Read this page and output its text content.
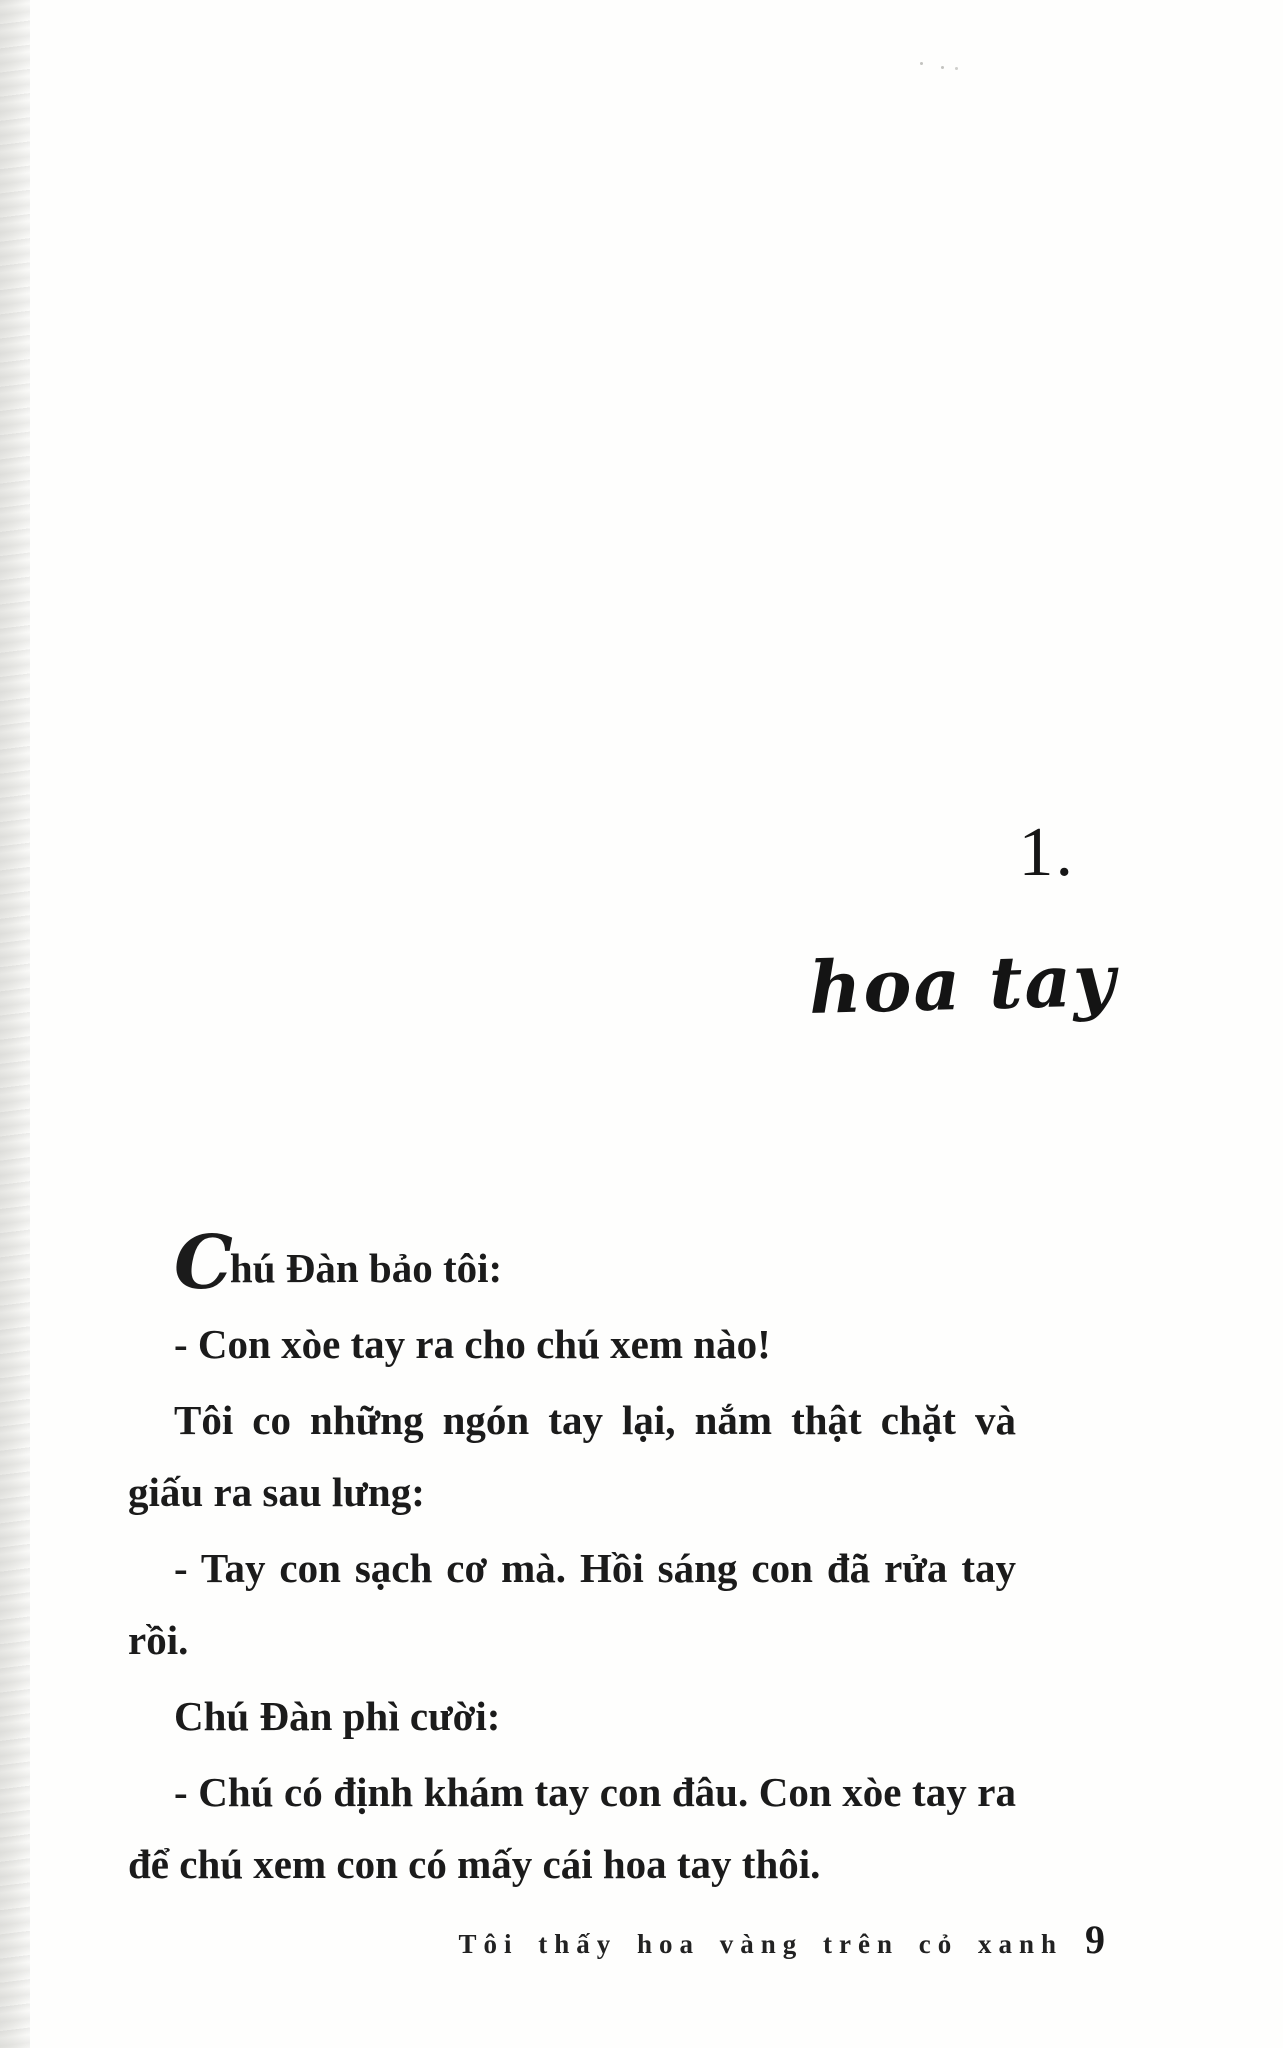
1.
hoa tay

Chú Đàn bảo tôi:

- Con xòe tay ra cho chú xem nào!

Tôi co những ngón tay lại, nắm thật chặt và giấu ra sau lưng:

- Tay con sạch cơ mà. Hồi sáng con đã rửa tay rồi.

Chú Đàn phì cười:

- Chú có định khám tay con đâu. Con xòe tay ra để chú xem con có mấy cái hoa tay thôi.

Tôi thấy hoa vàng trên cỏ xanh 9
